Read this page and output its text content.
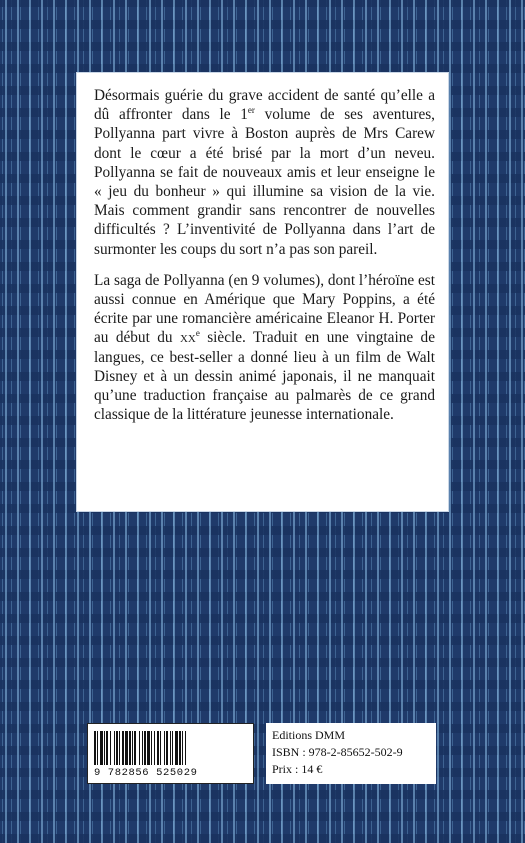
Désormais guérie du grave accident de santé qu’elle a dû affronter dans le 1er volume de ses aventures, Pollyanna part vivre à Boston auprès de Mrs Carew dont le cœur a été brisé par la mort d’un neveu. Pollyanna se fait de nouveaux amis et leur enseigne le « jeu du bonheur » qui illumine sa vision de la vie. Mais comment grandir sans rencontrer de nouvelles difficultés ? L’inventivité de Pollyanna dans l’art de surmonter les coups du sort n’a pas son pareil.

La saga de Pollyanna (en 9 volumes), dont l’héroïne est aussi connue en Amérique que Mary Poppins, a été écrite par une romancière américaine Eleanor H. Porter au début du $xx^e$ siècle. Traduit en une vingtaine de langues, ce best-seller a donné lieu à un film de Walt Disney et à un dessin animé japonais, il ne manquait qu’une traduction française au palmarès de ce grand classique de la littérature jeunesse internationale.

9 782856 525029
Editions DMM
ISBN : 978-2-85652-502-9
Prix : 14 €
